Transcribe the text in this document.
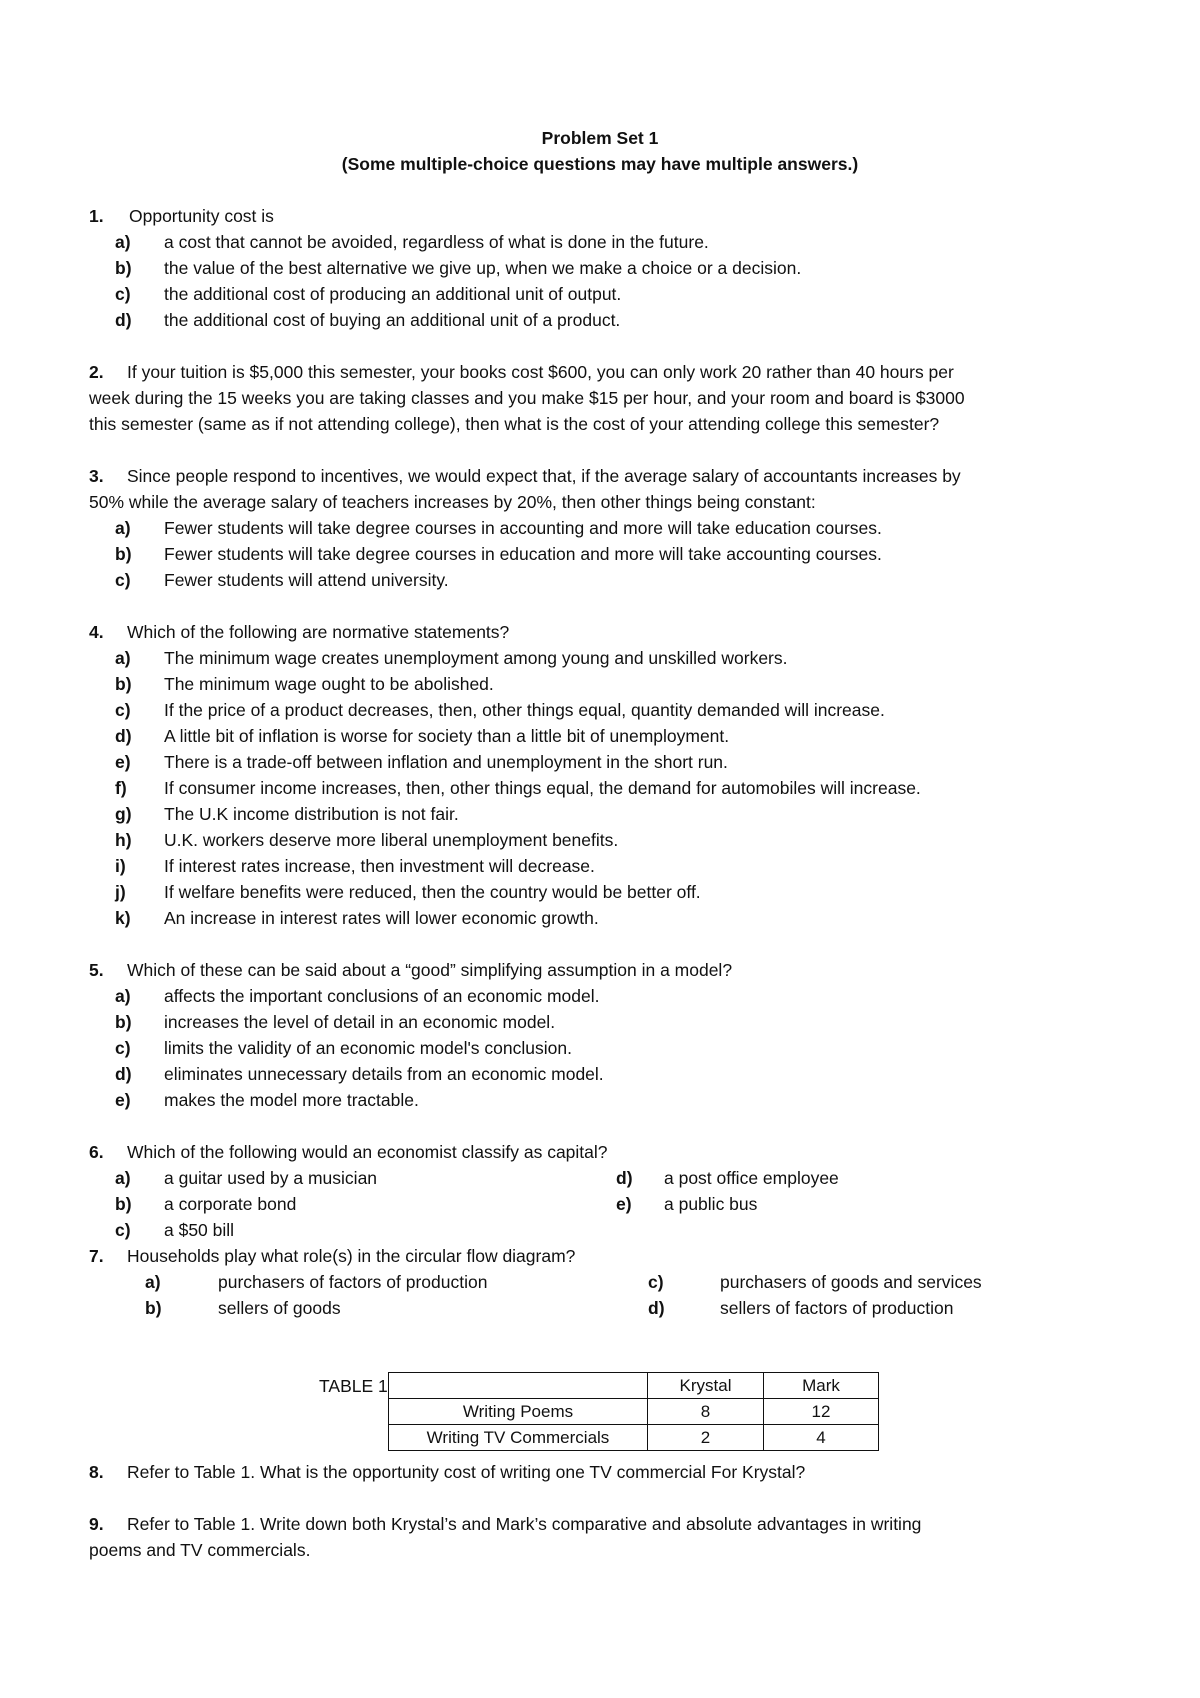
Problem Set 1
(Some multiple-choice questions may have multiple answers.)
1. Opportunity cost is
a) a cost that cannot be avoided, regardless of what is done in the future.
b) the value of the best alternative we give up, when we make a choice or a decision.
c) the additional cost of producing an additional unit of output.
d) the additional cost of buying an additional unit of a product.
2. If your tuition is $5,000 this semester, your books cost $600, you can only work 20 rather than 40 hours per
week during the 15 weeks you are taking classes and you make $15 per hour, and your room and board is $3000
this semester (same as if not attending college), then what is the cost of your attending college this semester?
3. Since people respond to incentives, we would expect that, if the average salary of accountants increases by
50% while the average salary of teachers increases by 20%, then other things being constant:
a) Fewer students will take degree courses in accounting and more will take education courses.
b) Fewer students will take degree courses in education and more will take accounting courses.
c) Fewer students will attend university.
4. Which of the following are normative statements?
a) The minimum wage creates unemployment among young and unskilled workers.
b) The minimum wage ought to be abolished.
c) If the price of a product decreases, then, other things equal, quantity demanded will increase.
d) A little bit of inflation is worse for society than a little bit of unemployment.
e) There is a trade-off between inflation and unemployment in the short run.
f) If consumer income increases, then, other things equal, the demand for automobiles will increase.
g) The U.K income distribution is not fair.
h) U.K. workers deserve more liberal unemployment benefits.
i) If interest rates increase, then investment will decrease.
j) If welfare benefits were reduced, then the country would be better off.
k) An increase in interest rates will lower economic growth.
5. Which of these can be said about a “good” simplifying assumption in a model?
a) affects the important conclusions of an economic model.
b) increases the level of detail in an economic model.
c) limits the validity of an economic model's conclusion.
d) eliminates unnecessary details from an economic model.
e) makes the model more tractable.
6. Which of the following would an economist classify as capital?
a) a guitar used by a musician
b) a corporate bond
c) a $50 bill
d) a post office employee
e) a public bus
7. Households play what role(s) in the circular flow diagram?
a)	purchasers of factors of production
b)	sellers of goods
c)	purchasers of goods and services
d)	sellers of factors of production
TABLE 1
		Krystal	Mark
Writing Poems	8	12
Writing TV Commercials	2	4
8. Refer to Table 1. What is the opportunity cost of writing one TV commercial For Krystal?
9. Refer to Table 1. Write down both Krystal’s and Mark’s comparative and absolute advantages in writing
poems and TV commercials.
